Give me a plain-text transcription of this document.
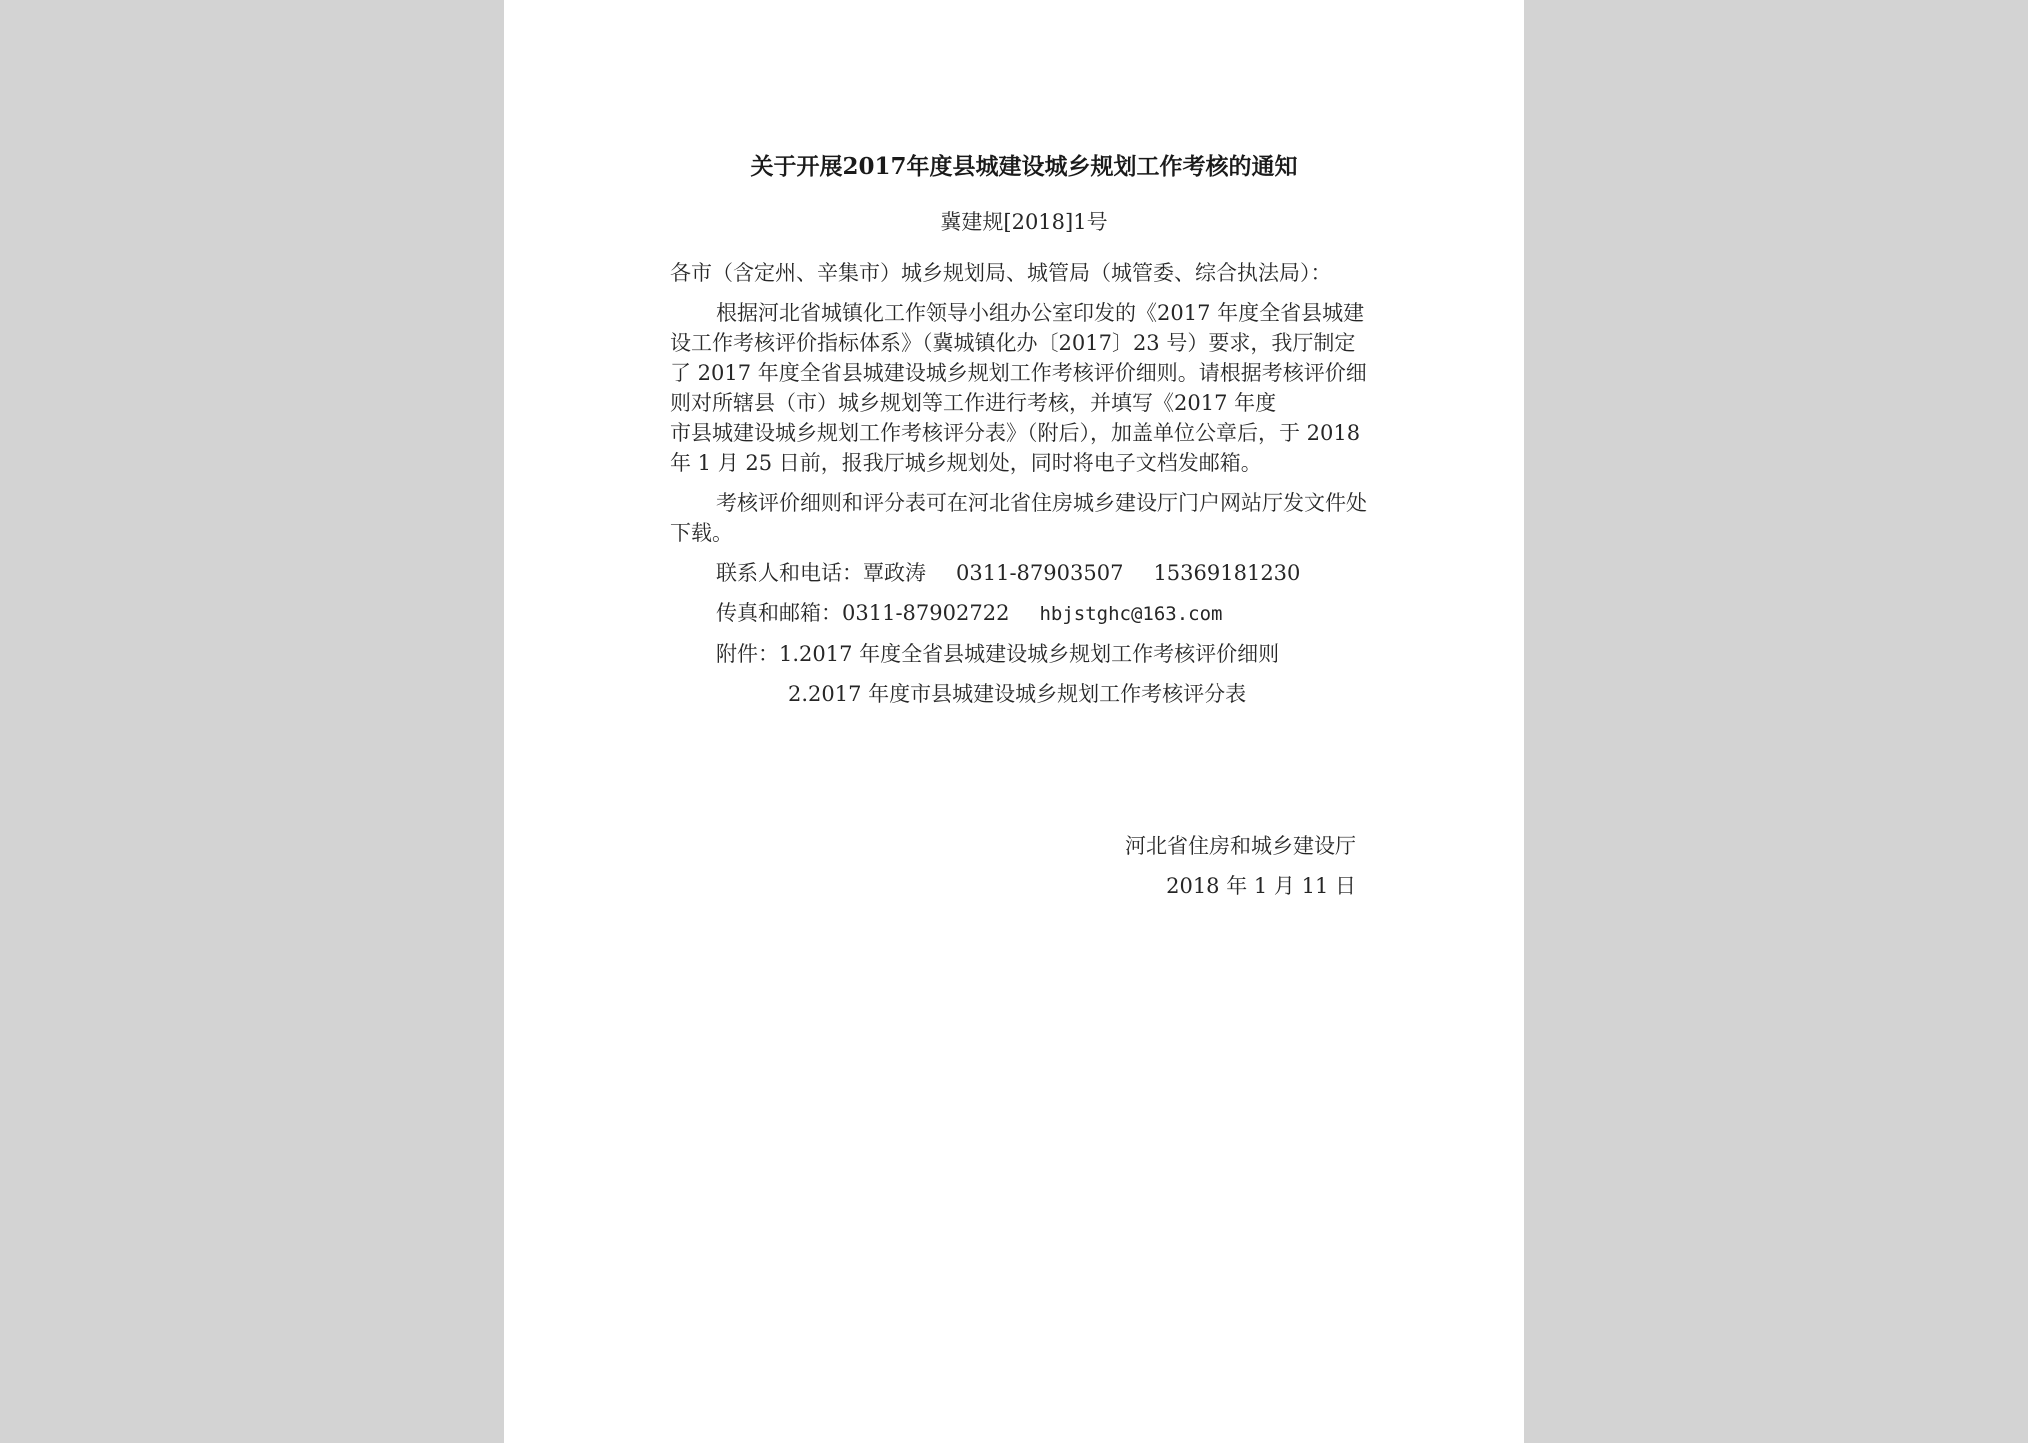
关于开展2017年度县城建设城乡规划工作考核的通知
冀建规[2018]1号

各市（含定州、辛集市）城乡规划局、城管局（城管委、综合执法局）：

根据河北省城镇化工作领导小组办公室印发的《2017 年度全省县城建设工作考核评价指标体系》（冀城镇化办〔2017〕23 号）要求，我厅制定了 2017 年度全省县城建设城乡规划工作考核评价细则。请根据考核评价细则对所辖县（市）城乡规划等工作进行考核，并填写《2017 年度　　　　市县城建设城乡规划工作考核评分表》（附后），加盖单位公章后，于 2018 年 1 月 25 日前，报我厅城乡规划处，同时将电子文档发邮箱。

考核评价细则和评分表可在河北省住房城乡建设厅门户网站厅发文件处下载。

联系人和电话：覃政涛 0311-87903507 15369181230

传真和邮箱：0311-87902722 hbjstghc@163.com

附件：1.2017 年度全省县城建设城乡规划工作考核评价细则

2.2017 年度市县城建设城乡规划工作考核评分表

河北省住房和城乡建设厅
2018 年 1 月 11 日
